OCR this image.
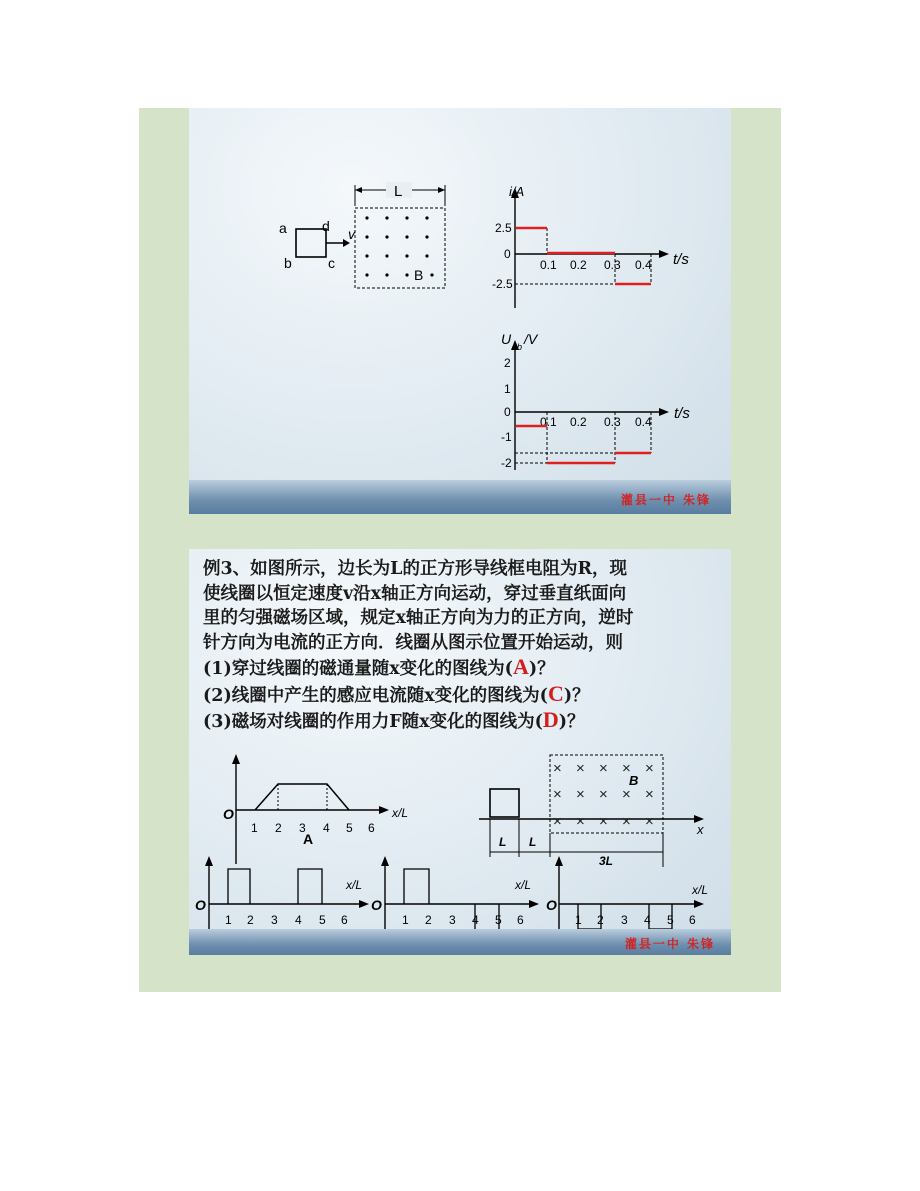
a
b	c
d v
L
B
i/A
t/s
2.5
0
-2.5
0.1 0.2 0.3 0.4
U ab /V
t/s
2
1
0
-1
-2
0.1 0.2 0.3 0.4
灌县一中 朱锋

例3、如图所示，边长为L的正方形导线框电阻为R，现

使线圈以恒定速度v沿x轴正方向运动，穿过垂直纸面向

里的匀强磁场区域，规定x轴正方向为力的正方向，逆时

针方向为电流的正方向．线圈从图示位置开始运动，则

(1)穿过线圈的磁通量随x变化的图线为(A)？

(2)线圈中产生的感应电流随x变化的图线为(C)？

(3)磁场对线圈的作用力F随x变化的图线为(D)？

O	x/L
1 2 3 4 5 6
A
x
× × × × ×
× × × × ×
× × × × ×
B
L L
3L
O
x/L
1 2 3 4 5 6
O
x/L
1 2 3 4 5 6
O
x/L
1 2 3 4 5 6
灌县一中 朱锋
